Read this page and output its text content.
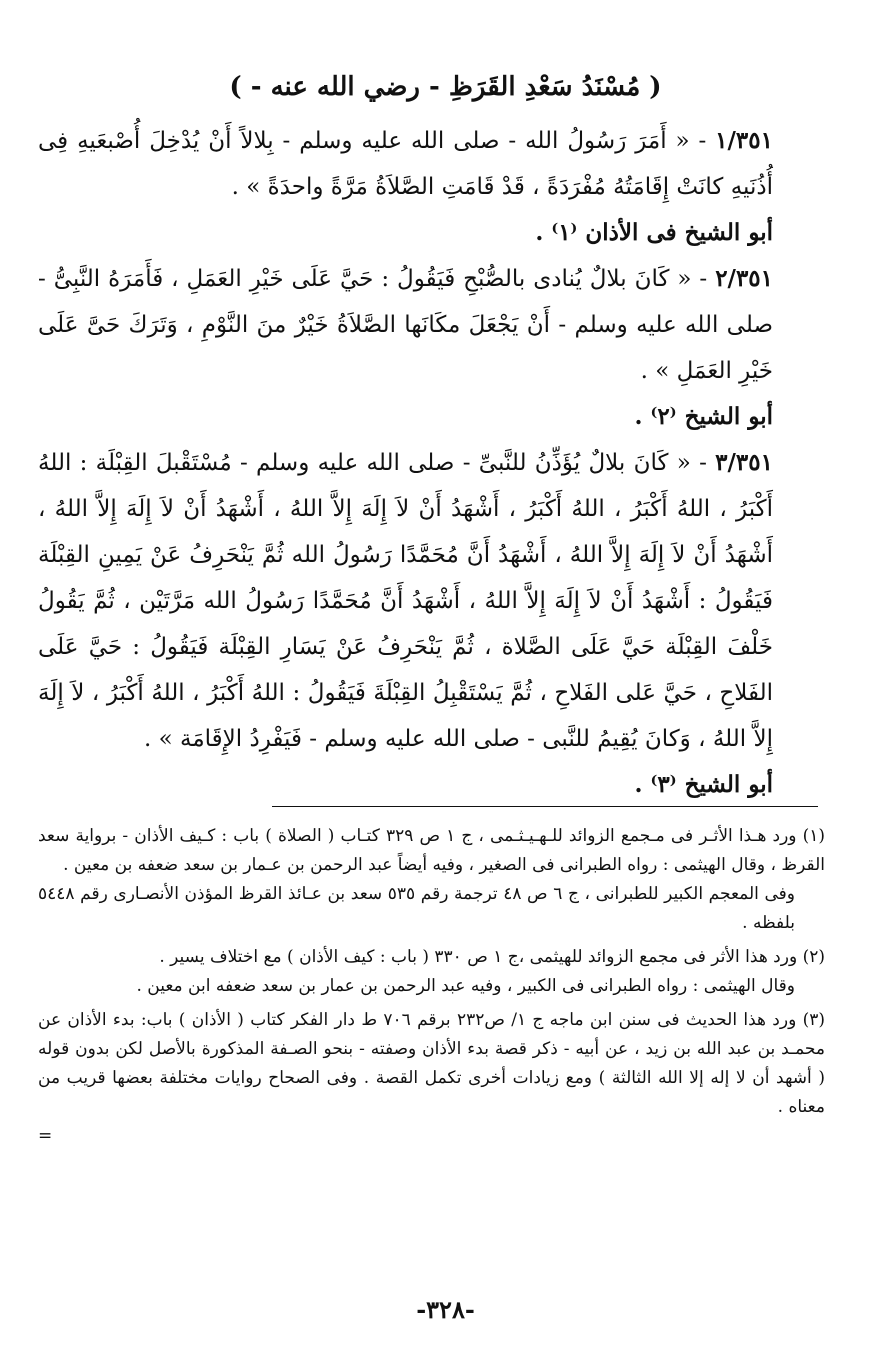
( مُسْنَدُ سَعْدِ القَرَظِ - رضي الله عنه - )

١/٣٥١ - « أَمَرَ رَسُولُ الله - صلى الله عليه وسلم - بِلالاً أَنْ يُدْخِلَ أُصْبعَيهِ فِى أُذُنَيهِ كانَتْ إِقَامَتُهُ مُفْرَدَةً ، قَدْ قَامَتِ الصَّلاَةُ مَرَّةً واحدَةً » .

أبو الشيخ فى الأذان ⁽١⁾ .

٢/٣٥١ - « كَانَ بلالٌ يُنادى بالصُّبْحِ فَيَقُولُ : حَيَّ عَلَى خَيْرِ العَمَلِ ، فَأَمَرَهُ النَّبِىُّ - صلى الله عليه وسلم - أَنْ يَجْعَلَ مكَانَها الصَّلاَةُ خَيْرٌ منَ النَّوْمِ ، وَتَرَكَ حَىَّ عَلَى خَيْرِ العَمَلِ » .

أبو الشيخ ⁽٢⁾ .

٣/٣٥١ - « كَانَ بلالٌ يُؤَذِّنُ للنَّبىِّ - صلى الله عليه وسلم - مُسْتَقْبلَ القِبْلَة : اللهُ أَكْبَرُ ، اللهُ أَكْبَرُ ، اللهُ أَكْبَرُ ، أَشْهَدُ أَنْ لاَ إِلَهَ إِلاَّ اللهُ ، أَشْهَدُ أَنْ لاَ إِلَهَ إِلاَّ اللهُ ، أَشْهَدُ أَنْ لاَ إِلَهَ إِلاَّ اللهُ ، أَشْهَدُ أَنَّ مُحَمَّدًا رَسُولُ الله ثُمَّ يَنْحَرِفُ عَنْ يَمِينِ القِبْلَة فَيَقُولُ : أَشْهَدُ أَنْ لاَ إِلَهَ إِلاَّ اللهُ ، أَشْهَدُ أَنَّ مُحَمَّدًا رَسُولُ الله مَرَّتَيْن ، ثُمَّ يَقُولُ خَلْفَ القِبْلَة حَيَّ عَلَى الصَّلاة ، ثُمَّ يَنْحَرِفُ عَنْ يَسَارِ القِبْلَة فَيَقُولُ : حَيَّ عَلَى الفَلاحِ ، حَيَّ عَلى الفَلاحِ ، ثُمَّ يَسْتَقْبِلُ القِبْلَةَ فَيَقُولُ : اللهُ أَكْبَرُ ، اللهُ أَكْبَرُ ، لاَ إِلَهَ إِلاَّ اللهُ ، وَكانَ يُقِيمُ للنَّبى - صلى الله عليه وسلم - فَيَفْرِدُ الإِقَامَة » .

أبو الشيخ ⁽٣⁾ .

(١) ورد هـذا الأثـر فى مـجمع الزوائد للـهـيـثـمى ، ج ١ ص ٣٢٩ كتـاب ( الصلاة ) باب : كـيف الأذان - برواية سعد القرظ ، وقال الهيثمى : رواه الطبرانى فى الصغير ، وفيه أيضاً عبد الرحمن بن عـمار بن سعد ضعفه بن معين .
وفى المعجم الكبير للطبرانى ، ج ٦ ص ٤٨ ترجمة رقم ٥٣٥ سعد بن عـائذ القرظ المؤذن الأنصـارى رقم ٥٤٤٨ بلفظه .
(٢) ورد هذا الأثر فى مجمع الزوائد للهيثمى ،ج ١ ص ٣٣٠ ( باب : كيف الأذان ) مع اختلاف يسير .
وقال الهيثمى : رواه الطبرانى فى الكبير ، وفيه عبد الرحمن بن عمار بن سعد ضعفه ابن معين .
(٣) ورد هذا الحديث فى سنن ابن ماجه ج ١/ ص٢٣٢ برقم ٧٠٦ ط دار الفكر كتاب ( الأذان ) باب: بدء الأذان عن محمـد بن عبد الله بن زيد ، عن أبيه - ذكر قصة بدء الأذان وصفته - بنحو الصـفة المذكورة بالأصل لكن بدون قوله ( أشهد أن لا إله إلا الله الثالثة ) ومع زيادات أخرى تكمل القصة . وفى الصحاح روايات مختلفة بعضها قريب من معناه .
=
-٣٢٨-
